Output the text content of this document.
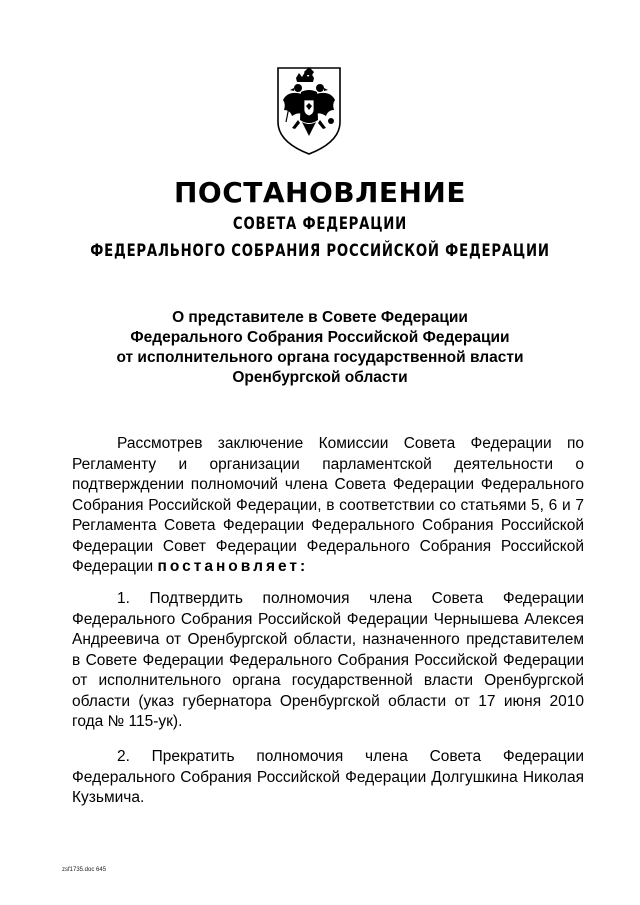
ПОСТАНОВЛЕНИЕ
СОВЕТА ФЕДЕРАЦИИ
ФЕДЕРАЛЬНОГО СОБРАНИЯ РОССИЙСКОЙ ФЕДЕРАЦИИ
О представителе в Совете Федерации
Федерального Собрания Российской Федерации
от исполнительного органа государственной власти
Оренбургской области
Рассмотрев заключение Комиссии Совета Федерации по Регламенту и организации парламентской деятельности о подтверждении полномочий члена Совета Федерации Федерального Собрания Российской Федерации, в соответствии со статьями 5, 6 и 7 Регламента Совета Федерации Федерального Собрания Российской Федерации Совет Федерации Федерального Собрания Российской Федерации постановляет:
1. Подтвердить полномочия члена Совета Федерации Федерального Собрания Российской Федерации Чернышева Алексея Андреевича от Оренбургской области, назначенного представителем в Совете Федерации Федерального Собрания Российской Федерации от исполнительного органа государственной власти Оренбургской области (указ губернатора Оренбургской области от 17 июня 2010 года № 115-ук).
2. Прекратить полномочия члена Совета Федерации Федерального Собрания Российской Федерации Долгушкина Николая Кузьмича.
zsf1735.doc 645
